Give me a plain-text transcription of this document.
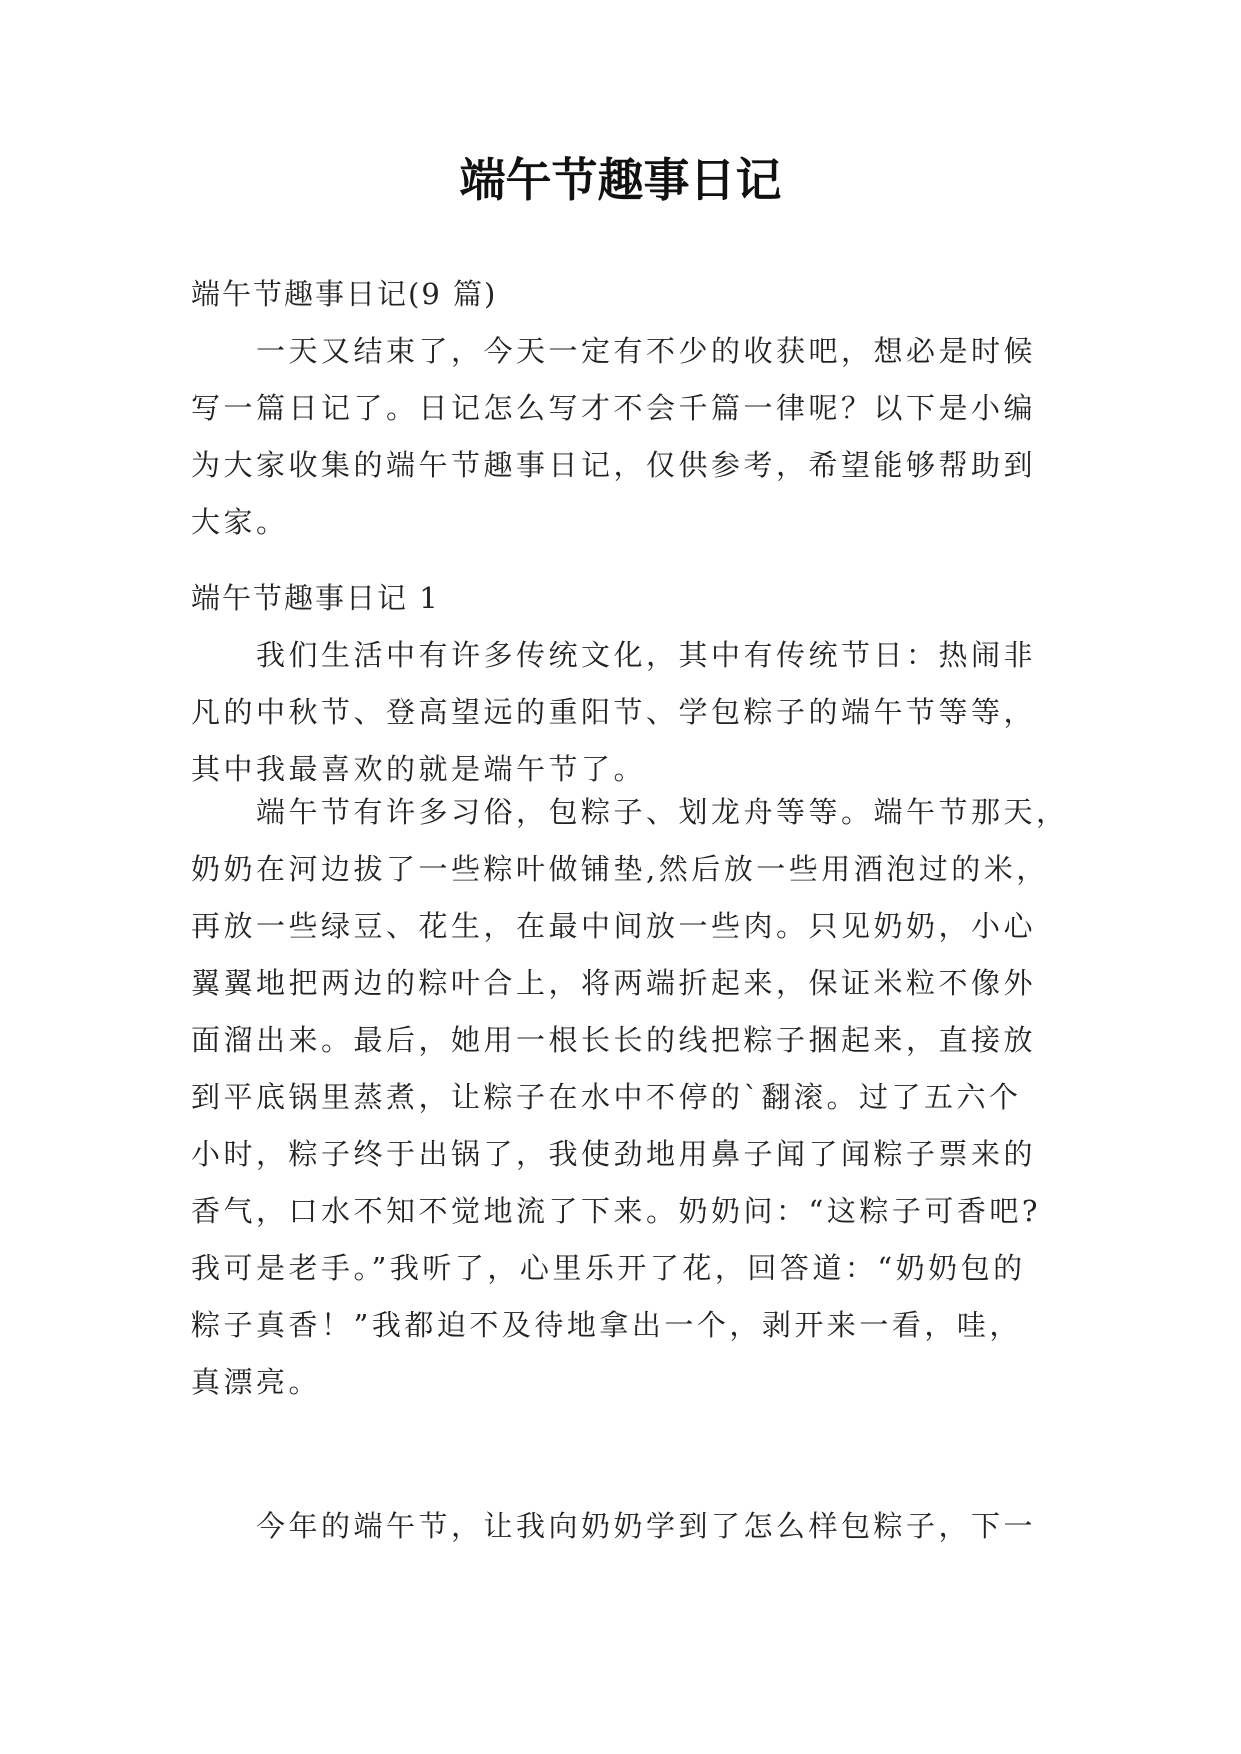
端午节趣事日记
端午节趣事日记(9 篇)
一天又结束了，今天一定有不少的收获吧，想必是时候
写一篇日记了。日记怎么写才不会千篇一律呢？以下是小编
为大家收集的端午节趣事日记，仅供参考，希望能够帮助到
大家。
端午节趣事日记 1
我们生活中有许多传统文化，其中有传统节日：热闹非
凡的中秋节、登高望远的重阳节、学包粽子的端午节等等，
其中我最喜欢的就是端午节了。
端午节有许多习俗，包粽子、划龙舟等等。端午节那天，
奶奶在河边拔了一些粽叶做铺垫,然后放一些用酒泡过的米，
再放一些绿豆、花生，在最中间放一些肉。只见奶奶，小心
翼翼地把两边的粽叶合上，将两端折起来，保证米粒不像外
面溜出来。最后，她用一根长长的线把粽子捆起来，直接放
到平底锅里蒸煮，让粽子在水中不停的`翻滚。过了五六个
小时，粽子终于出锅了，我使劲地用鼻子闻了闻粽子票来的
香气，口水不知不觉地流了下来。奶奶问：“这粽子可香吧?
我可是老手。”我听了，心里乐开了花，回答道：“奶奶包的
粽子真香！”我都迫不及待地拿出一个，剥开来一看，哇，
真漂亮。
今年的端午节，让我向奶奶学到了怎么样包粽子，下一
